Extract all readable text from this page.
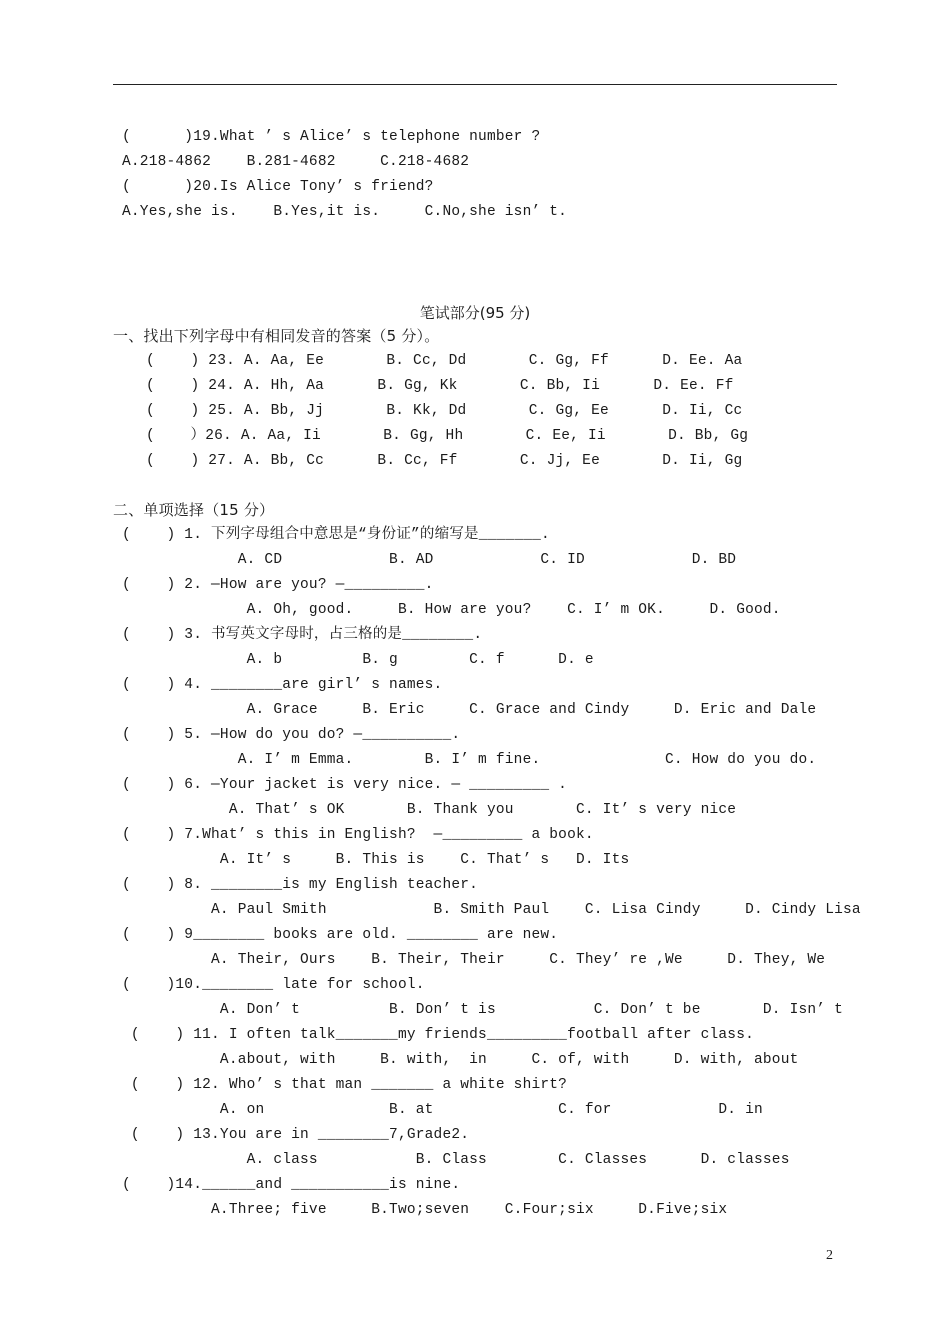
(      )19.What ’ s Alice’ s telephone number ?
A.218-4862    B.281-4682     C.218-4682
(      )20.Is Alice Tony’ s friend?
A.Yes,she is.    B.Yes,it is.     C.No,she isn’ t.
笔试部分(95 分)
一、找出下列字母中有相同发音的答案（5 分）。
(    ) 23. A. Aa, Ee       B. Cc, Dd       C. Gg, Ff      D. Ee. Aa
(    ) 24. A. Hh, Aa      B. Gg, Kk       C. Bb, Ii      D. Ee. Ff
(    ) 25. A. Bb, Jj       B. Kk, Dd       C. Gg, Ee      D. Ii, Cc
(    ）26. A. Aa, Ii       B. Gg, Hh       C. Ee, Ii       D. Bb, Gg
(    ) 27. A. Bb, Cc      B. Cc, Ff       C. Jj, Ee       D. Ii, Gg
二、单项选择（15 分）
(    ) 1. 下列字母组合中意思是“身份证”的缩写是_______.
A. CD            B. AD            C. ID            D. BD
(    ) 2. —How are you? —_________.
A. Oh, good.     B. How are you?    C. I’ m OK.     D. Good.
(    ) 3. 书写英文字母时，占三格的是________.
A. b         B. g        C. f      D. e
(    ) 4. ________are girl’ s names.
A. Grace     B. Eric     C. Grace and Cindy     D. Eric and Dale
(    ) 5. —How do you do? —__________.
A. I’ m Emma.        B. I’ m fine.              C. How do you do.
(    ) 6. —Your jacket is very nice. — _________ .
A. That’ s OK       B. Thank you       C. It’ s very nice
(    ) 7.What’ s this in English?  —_________ a book.
A. It’ s     B. This is    C. That’ s   D. Its
(    ) 8. ________is my English teacher.
A. Paul Smith            B. Smith Paul    C. Lisa Cindy     D. Cindy Lisa
(    ) 9________ books are old. ________ are new.
A. Their, Ours    B. Their, Their     C. They’ re ,We     D. They, We
(    )10.________ late for school.
A. Don’ t          B. Don’ t is           C. Don’ t be       D. Isn’ t
(    ) 11. I often talk_______my friends_________football after class.
A.about, with     B. with,  in     C. of, with     D. with, about
(    ) 12. Who’ s that man _______ a white shirt?
A. on              B. at              C. for            D. in
(    ) 13.You are in ________7,Grade2.
A. class           B. Class        C. Classes      D. classes
(    )14.______and ___________is nine.
A.Three; five     B.Two;seven    C.Four;six     D.Five;six
2
